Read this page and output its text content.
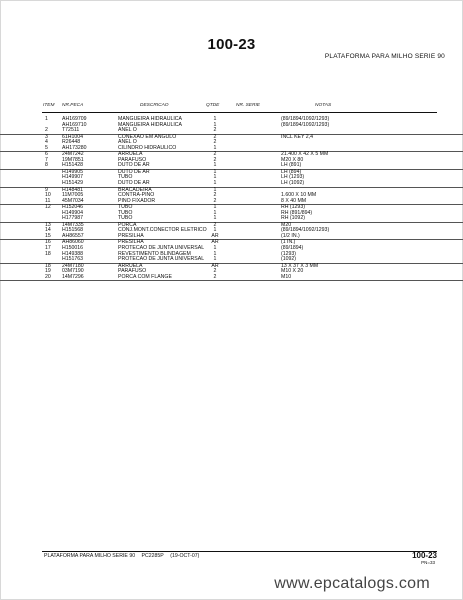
100-23
PLATAFORMA PARA MILHO SERIE 90
ITEM NR.PECA	DESCRICAO	QTDE	NR. SERIE	NOTAS
1	AH169709	MANGUEIRA HIDRAULICA	1	(89/1894/1092/1293)
AH169710	MANGUEIRA HIDRAULICA	1	(89/1894/1092/1293)
2	T72511	ANEL O	2
3	61H1004	CONEXAO EM ANGULO	2	INCL KEY 2,4
4	R26448	ANEL O	2
5	AH173280	CILINDRO HIDRAULICO	1
6	24M7242	ARRUELA	2	21.400 X 42 X 5 MM
7	19M7851	PARAFUSO	2	M20 X 80
8	H151428	DUTO DE AR	1	LH (891)
H149905	DUTO DE AR	1	LH (894)
H149907	TUBO	1	LH (1293)
H151429	DUTO DE AR	1	LH (1092)
9	H148481	BRACADEIRA	1
10	11M7005	CONTRA-PINO	2	1.600 X 10 MM
11	45M7034	PINO FIXADOR	2	8 X 40 MM
12	H152046	TUBO	1	RH (1293)
H149904	TUBO	1	RH (891/894)
H177987	TUBO	1	RH (1092)
13	14M7335	PORCA	2	M20
14	H151568	CONJ.MONT.CONECTOR ELETRICO	1	(89/1894/1092/1293)
15	AH86557	PRESILHA	AR	(1/2 IN.)
16	AH86060	PRESILHA	AR	(1 IN.)
17	H150016	PROTECAO DE JUNTA UNIVERSAL	1	(89/1894)
18	H149388	REVESTIMENTO BLINDAGEM	1	(1293)
H151763	PROTECAO DE JUNTA UNIVERSAL	1	(1092)
18	24M7180	ARRUELA	AR	13 X 37 X 3 MM
19	03M7190	PARAFUSO	2	M10 X 20
20	14M7296	PORCA COM FLANGE	2	M10
PLATAFORMA PARA MILHO SERIE 90 PC2285P (19-OCT-07)	100-23
PN=33
www.epcatalogs.com
